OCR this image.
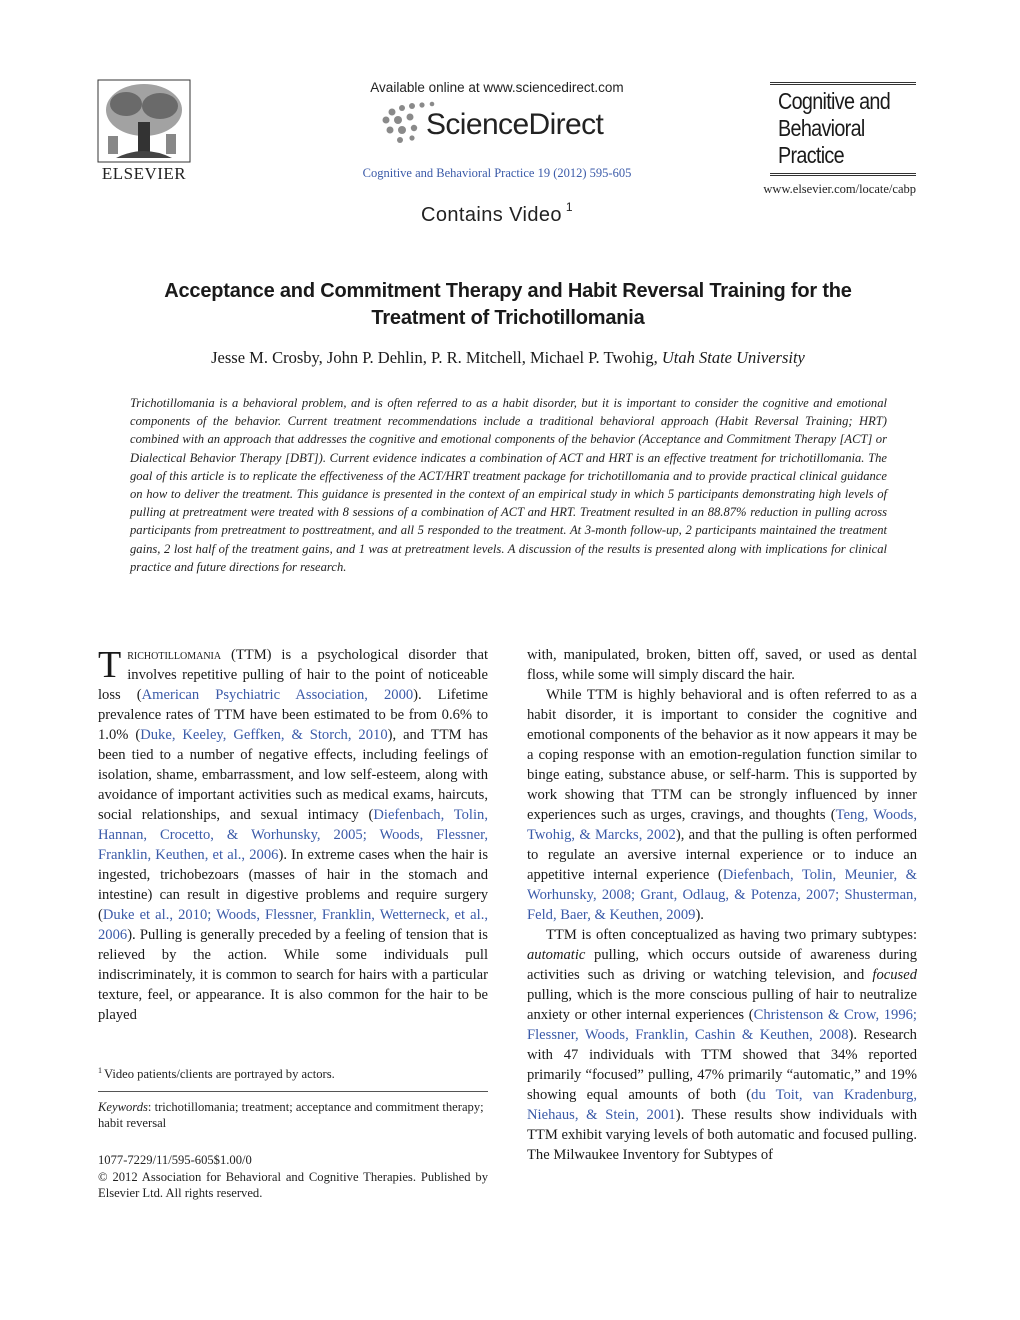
ELSEVIER
Available online at www.sciencedirect.com
ScienceDirect
Cognitive and Behavioral Practice 19 (2012) 595-605
Contains Video $^1$
Cognitive and
Behavioral
Practice
www.elsevier.com/locate/cabp
Acceptance and Commitment Therapy and Habit Reversal Training for the
Treatment of Trichotillomania
Jesse M. Crosby, John P. Dehlin, P. R. Mitchell, Michael P. Twohig, Utah State University
Trichotillomania is a behavioral problem, and is often referred to as a habit disorder, but it is important to consider the cognitive and emotional components of the behavior. Current treatment recommendations include a traditional behavioral approach (Habit Reversal Training; HRT) combined with an approach that addresses the cognitive and emotional components of the behavior (Acceptance and Commitment Therapy [ACT] or Dialectical Behavior Therapy [DBT]). Current evidence indicates a combination of ACT and HRT is an effective treatment for trichotillomania. The goal of this article is to replicate the effectiveness of the ACT/HRT treatment package for trichotillomania and to provide practical clinical guidance on how to deliver the treatment. This guidance is presented in the context of an empirical study in which 5 participants demonstrating high levels of pulling at pretreatment were treated with 8 sessions of a combination of ACT and HRT. Treatment resulted in an 88.87% reduction in pulling across participants from pretreatment to posttreatment, and all 5 responded to the treatment. At 3-month follow-up, 2 participants maintained the treatment gains, 2 lost half of the treatment gains, and 1 was at pretreatment levels. A discussion of the results is presented along with implications for clinical practice and future directions for research.

Trichotillomania (TTM) is a psychological disorder that involves repetitive pulling of hair to the point of noticeable loss (American Psychiatric Association, 2000). Lifetime prevalence rates of TTM have been estimated to be from 0.6% to 1.0% (Duke, Keeley, Geffken, & Storch, 2010), and TTM has been tied to a number of negative effects, including feelings of isolation, shame, embarrassment, and low self-esteem, along with avoidance of important activities such as medical exams, haircuts, social relationships, and sexual intimacy (Diefenbach, Tolin, Hannan, Crocetto, & Worhunsky, 2005; Woods, Flessner, Franklin, Keuthen, et al., 2006). In extreme cases when the hair is ingested, trichobezoars (masses of hair in the stomach and intestine) can result in digestive problems and require surgery (Duke et al., 2010; Woods, Flessner, Franklin, Wetterneck, et al., 2006). Pulling is generally preceded by a feeling of tension that is relieved by the action. While some individuals pull indiscriminately, it is common to search for hairs with a particular texture, feel, or appearance. It is also common for the hair to be played

$^1$ Video patients/clients are portrayed by actors.
Keywords: trichotillomania; treatment; acceptance and commitment therapy; habit reversal
1077-7229/11/595-605$1.00/0
© 2012 Association for Behavioral and Cognitive Therapies. Published by Elsevier Ltd. All rights reserved.

with, manipulated, broken, bitten off, saved, or used as dental floss, while some will simply discard the hair.

While TTM is highly behavioral and is often referred to as a habit disorder, it is important to consider the cognitive and emotional components of the behavior as it now appears it may be a coping response with an emotion-regulation function similar to binge eating, substance abuse, or self-harm. This is supported by work showing that TTM can be strongly influenced by inner experiences such as urges, cravings, and thoughts (Teng, Woods, Twohig, & Marcks, 2002), and that the pulling is often performed to regulate an aversive internal experience or to induce an appetitive internal experience (Diefenbach, Tolin, Meunier, & Worhunsky, 2008; Grant, Odlaug, & Potenza, 2007; Shusterman, Feld, Baer, & Keuthen, 2009).

TTM is often conceptualized as having two primary subtypes: automatic pulling, which occurs outside of awareness during activities such as driving or watching television, and focused pulling, which is the more conscious pulling of hair to neutralize anxiety or other internal experiences (Christenson & Crow, 1996; Flessner, Woods, Franklin, Cashin & Keuthen, 2008). Research with 47 individuals with TTM showed that 34% reported primarily “focused” pulling, 47% primarily “automatic,” and 19% showing equal amounts of both (du Toit, van Kradenburg, Niehaus, & Stein, 2001). These results show individuals with TTM exhibit varying levels of both automatic and focused pulling. The Milwaukee Inventory for Subtypes of
